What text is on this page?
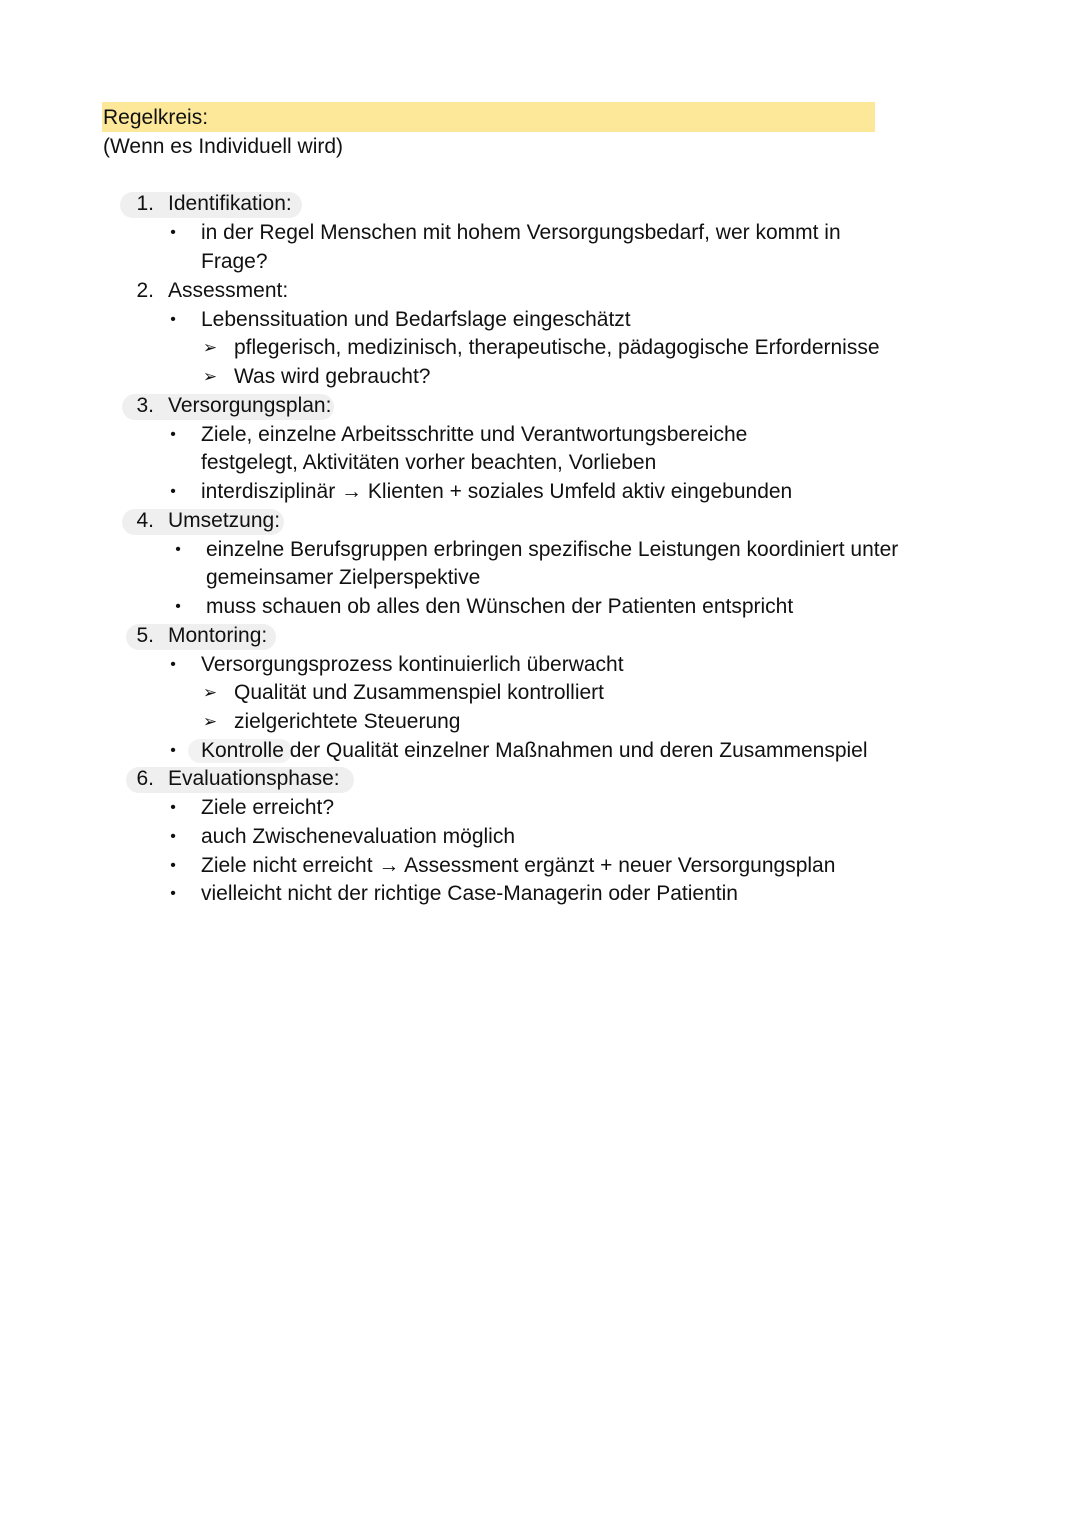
Regelkreis:
(Wenn es Individuell wird)
1. Identifikation:
• in der Regel Menschen mit hohem Versorgungsbedarf, wer kommt in
Frage?
2. Assessment:
• Lebenssituation und Bedarfslage eingeschätzt
➢ pflegerisch, medizinisch, therapeutische, pädagogische Erfordernisse
➢ Was wird gebraucht?
3. Versorgungsplan:
• Ziele, einzelne Arbeitsschritte und Verantwortungsbereiche
festgelegt, Aktivitäten vorher beachten, Vorlieben
• interdisziplinär → Klienten + soziales Umfeld aktiv eingebunden
4. Umsetzung:
• einzelne Berufsgruppen erbringen spezifische Leistungen koordiniert unter
gemeinsamer Zielperspektive
• muss schauen ob alles den Wünschen der Patienten entspricht
5. Montoring:
• Versorgungsprozess kontinuierlich überwacht
➢ Qualität und Zusammenspiel kontrolliert
➢ zielgerichtete Steuerung
• Kontrolle der Qualität einzelner Maßnahmen und deren Zusammenspiel
6. Evaluationsphase:
• Ziele erreicht?
• auch Zwischenevaluation möglich
• Ziele nicht erreicht → Assessment ergänzt + neuer Versorgungsplan
• vielleicht nicht der richtige Case-Managerin oder Patientin
